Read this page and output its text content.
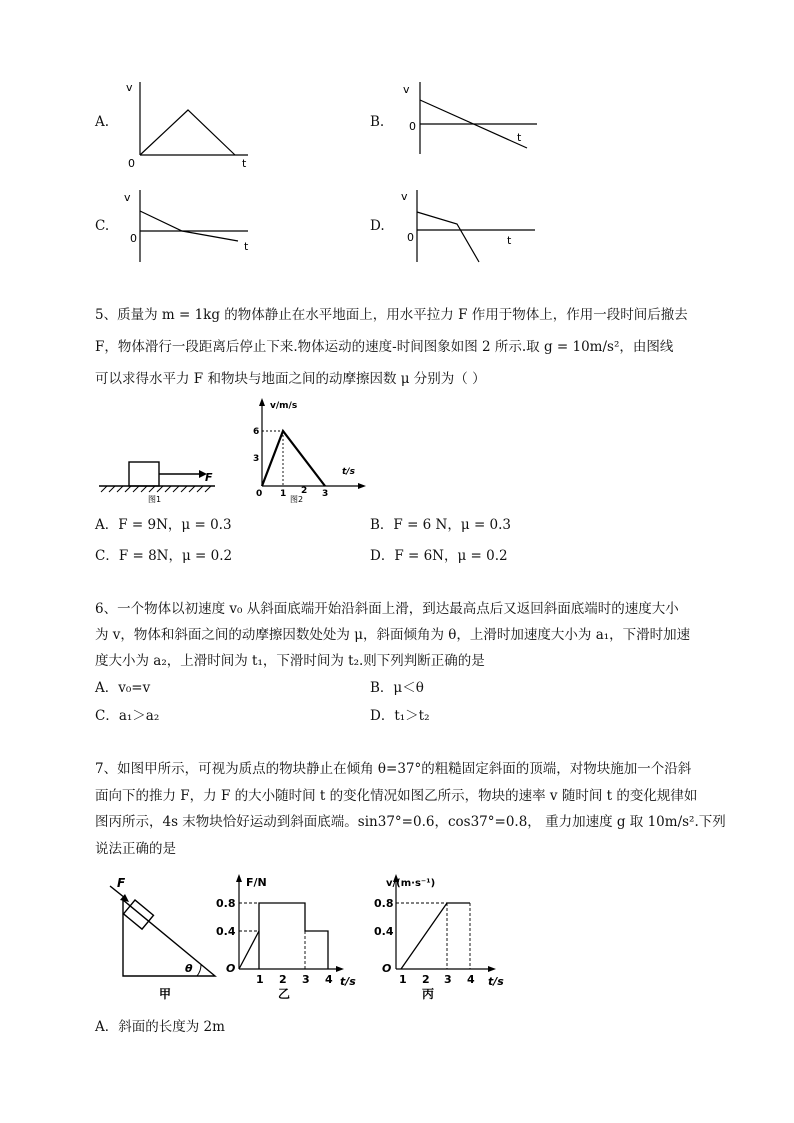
A.
v
0	t
B.
v
0
t
C.
v
0
t
D.
v
0	t
5、质量为 m = 1kg 的物体静止在水平地面上，用水平拉力 F 作用于物体上，作用一段时间后撤去
F，物体滑行一段距离后停止下来.物体运动的速度-时间图象如图 2 所示.取 g = 10m/s²，由图线
可以求得水平力 F 和物块与地面之间的动摩擦因数 μ 分别为（ ）
F
图1
v/m/s
t/s
6
3
0 1 2 3
图2
A．F = 9N，μ = 0.3	B．F = 6 N，μ = 0.3
C．F = 8N，μ = 0.2	D．F = 6N，μ = 0.2
6、一个物体以初速度 v₀ 从斜面底端开始沿斜面上滑，到达最高点后又返回斜面底端时的速度大小
为 v，物体和斜面之间的动摩擦因数处处为 μ，斜面倾角为 θ，上滑时加速度大小为 a₁，下滑时加速
度大小为 a₂，上滑时间为 t₁，下滑时间为 t₂.则下列判断正确的是
A．v₀=v	B．μ＜θ
C．a₁＞a₂	D．t₁＞t₂
7、如图甲所示，可视为质点的物块静止在倾角 θ=37°的粗糙固定斜面的顶端，对物块施加一个沿斜
面向下的推力 F，力 F 的大小随时间 t 的变化情况如图乙所示，物块的速率 v 随时间 t 的变化规律如
图丙所示，4s 末物块恰好运动到斜面底端。sin37°=0.6，cos37°=0.8， 重力加速度 g 取 10m/s².下列
说法正确的是
F
θ
甲
F/N
t/s
0.8
0.4
O
1 2 3 4
乙
v/(m·s⁻¹)
t/s
0.8
0.4
O
1 2 3 4
丙
A．斜面的长度为 2m
